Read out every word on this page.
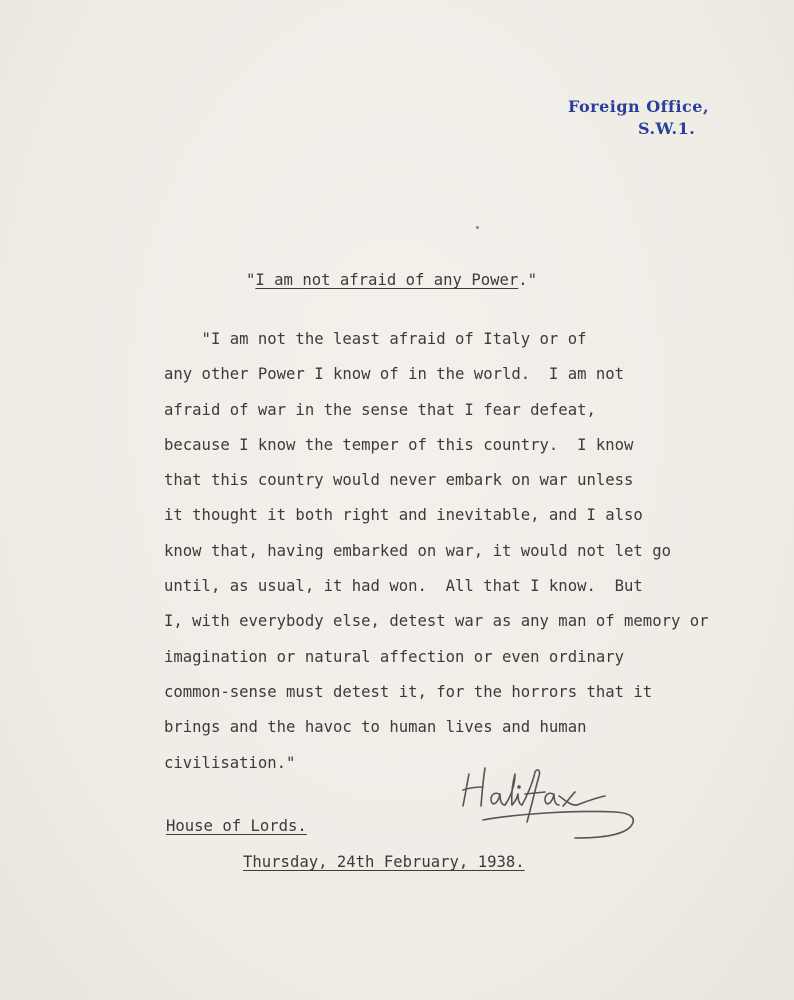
Foreign Office,
S.W.1.
"I am not afraid of any Power."
"I am not the least afraid of Italy or of
any other Power I know of in the world.  I am not
afraid of war in the sense that I fear defeat,
because I know the temper of this country.  I know
that this country would never embark on war unless
it thought it both right and inevitable, and I also
know that, having embarked on war, it would not let go
until, as usual, it had won.  All that I know.  But
I, with everybody else, detest war as any man of memory or
imagination or natural affection or even ordinary
common-sense must detest it, for the horrors that it
brings and the havoc to human lives and human
civilisation."
House of Lords.
Thursday, 24th February, 1938.
